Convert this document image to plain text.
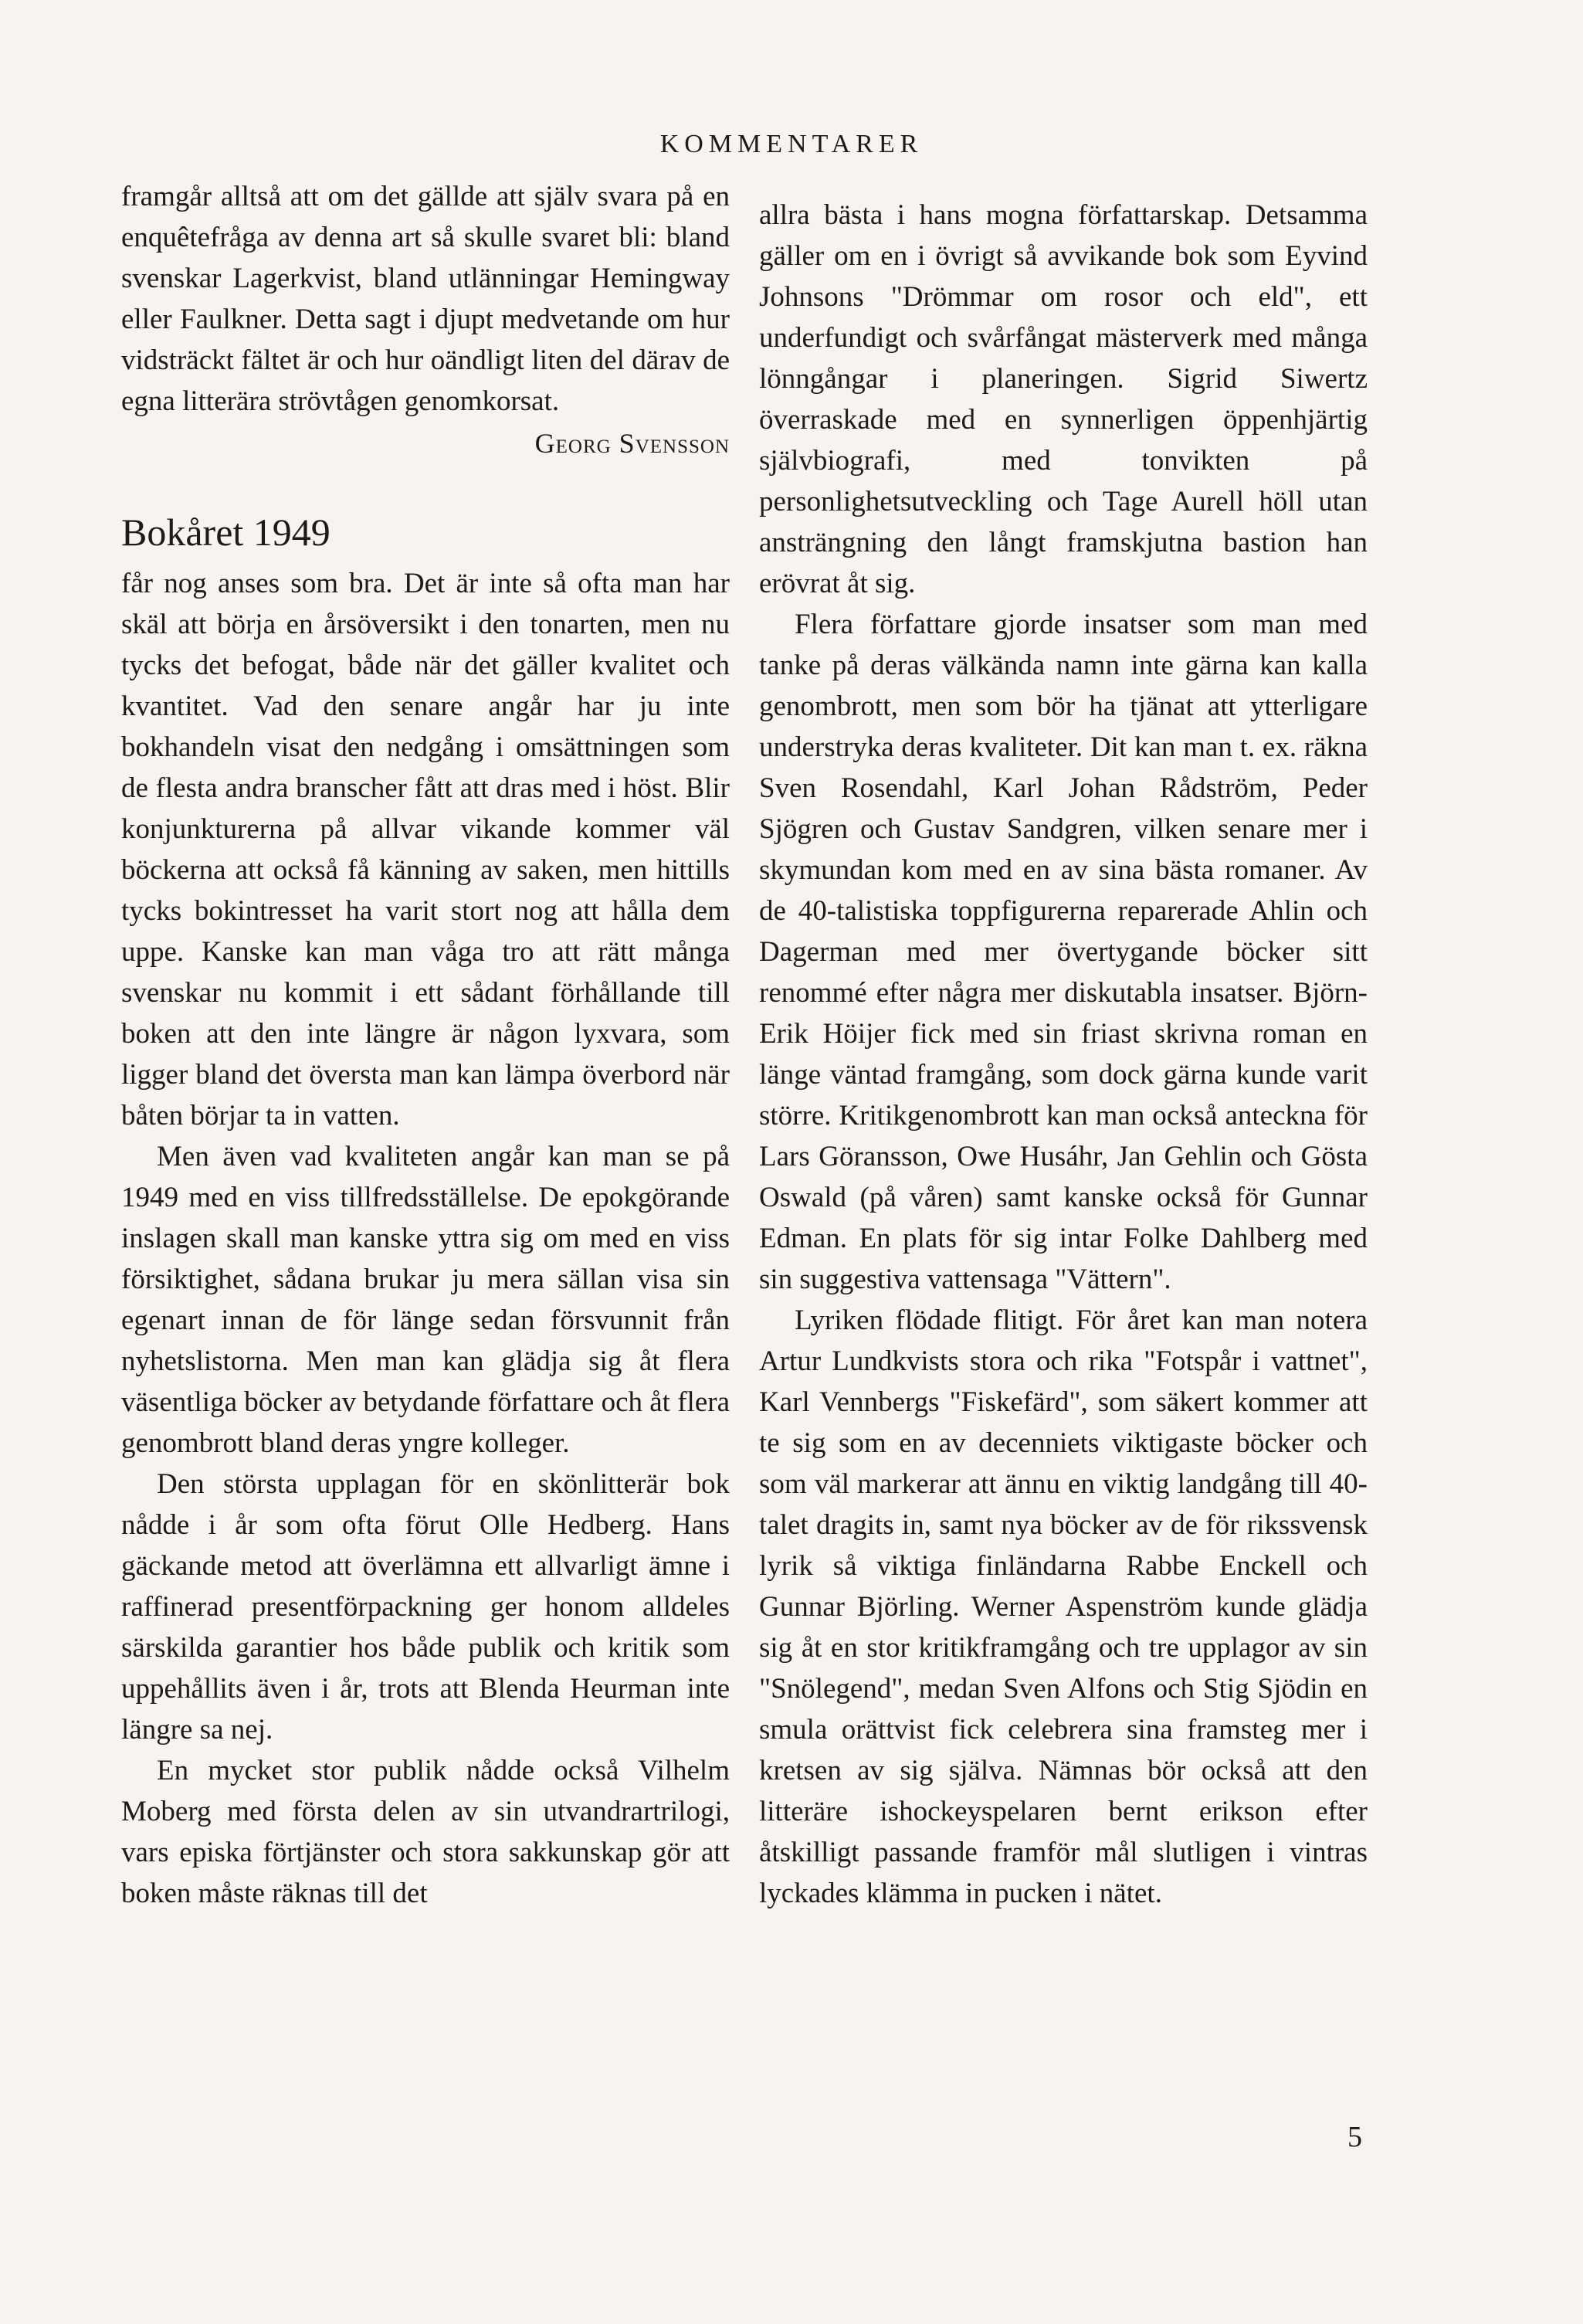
KOMMENTARER

framgår alltså att om det gällde att själv svara på en enquêtefråga av denna art så skulle svaret bli: bland svenskar Lagerkvist, bland utlänningar Hemingway eller Faulkner. Detta sagt i djupt medvetande om hur vidsträckt fältet är och hur oändligt liten del därav de egna litterära strövtågen genomkorsat.

Georg Svensson
Bokåret 1949

får nog anses som bra. Det är inte så ofta man har skäl att börja en årsöversikt i den tonarten, men nu tycks det befogat, både när det gäller kvalitet och kvantitet. Vad den senare angår har ju inte bokhandeln visat den nedgång i omsättningen som de flesta andra branscher fått att dras med i höst. Blir konjunkturerna på allvar vikande kommer väl böckerna att också få känning av saken, men hittills tycks bokintresset ha varit stort nog att hålla dem uppe. Kanske kan man våga tro att rätt många svenskar nu kommit i ett sådant förhållande till boken att den inte längre är någon lyxvara, som ligger bland det översta man kan lämpa överbord när båten börjar ta in vatten.

Men även vad kvaliteten angår kan man se på 1949 med en viss tillfredsställelse. De epokgörande inslagen skall man kanske yttra sig om med en viss försiktighet, sådana brukar ju mera sällan visa sin egenart innan de för länge sedan försvunnit från nyhetslistorna. Men man kan glädja sig åt flera väsentliga böcker av betydande författare och åt flera genombrott bland deras yngre kolleger.

Den största upplagan för en skönlitterär bok nådde i år som ofta förut Olle Hedberg. Hans gäckande metod att överlämna ett allvarligt ämne i raffinerad presentförpackning ger honom alldeles särskilda garantier hos både publik och kritik som uppehållits även i år, trots att Blenda Heurman inte längre sa nej.

En mycket stor publik nådde också Vilhelm Moberg med första delen av sin utvandrartrilogi, vars episka förtjänster och stora sakkunskap gör att boken måste räknas till det

allra bästa i hans mogna författarskap. Detsamma gäller om en i övrigt så avvikande bok som Eyvind Johnsons "Drömmar om rosor och eld", ett underfundigt och svårfångat mästerverk med många lönngångar i planeringen. Sigrid Siwertz överraskade med en synnerligen öppenhjärtig självbiografi, med tonvikten på personlighetsutveckling och Tage Aurell höll utan ansträngning den långt framskjutna bastion han erövrat åt sig.

Flera författare gjorde insatser som man med tanke på deras välkända namn inte gärna kan kalla genombrott, men som bör ha tjänat att ytterligare understryka deras kvaliteter. Dit kan man t. ex. räkna Sven Rosendahl, Karl Johan Rådström, Peder Sjögren och Gustav Sandgren, vilken senare mer i skymundan kom med en av sina bästa romaner. Av de 40-talistiska toppfigurerna reparerade Ahlin och Dagerman med mer övertygande böcker sitt renommé efter några mer diskutabla insatser. Björn-Erik Höijer fick med sin friast skrivna roman en länge väntad framgång, som dock gärna kunde varit större. Kritikgenombrott kan man också anteckna för Lars Göransson, Owe Husáhr, Jan Gehlin och Gösta Oswald (på våren) samt kanske också för Gunnar Edman. En plats för sig intar Folke Dahlberg med sin suggestiva vattensaga "Vättern".

Lyriken flödade flitigt. För året kan man notera Artur Lundkvists stora och rika "Fotspår i vattnet", Karl Vennbergs "Fiskefärd", som säkert kommer att te sig som en av decenniets viktigaste böcker och som väl markerar att ännu en viktig landgång till 40-talet dragits in, samt nya böcker av de för rikssvensk lyrik så viktiga finländarna Rabbe Enckell och Gunnar Björling. Werner Aspenström kunde glädja sig åt en stor kritikframgång och tre upplagor av sin "Snölegend", medan Sven Alfons och Stig Sjödin en smula orättvist fick celebrera sina framsteg mer i kretsen av sig själva. Nämnas bör också att den litteräre ishockeyspelaren bernt erikson efter åtskilligt passande framför mål slutligen i vintras lyckades klämma in pucken i nätet.

5
